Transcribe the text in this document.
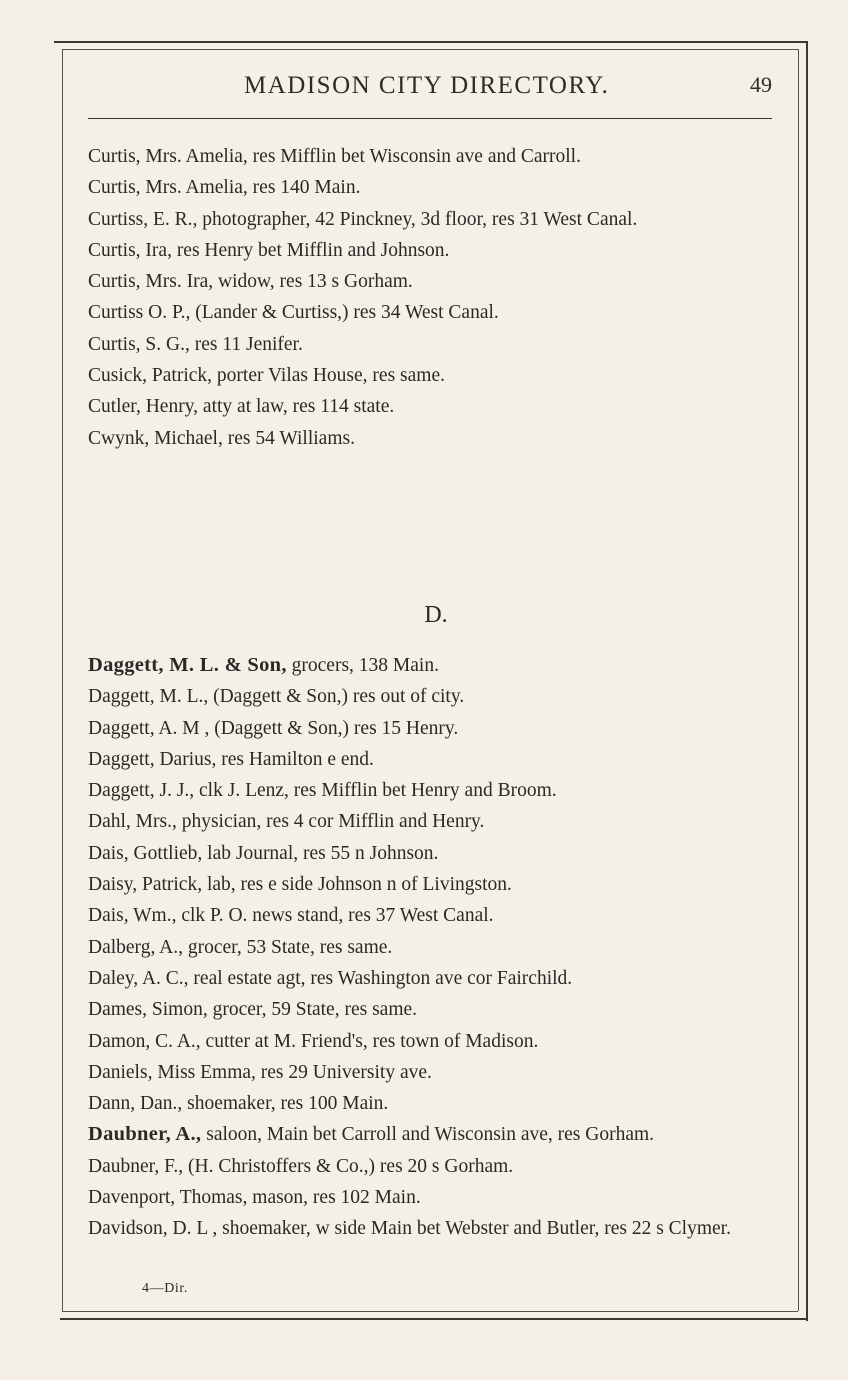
MADISON CITY DIRECTORY.	49

Curtis, Mrs. Amelia, res Mifflin bet Wisconsin ave and Carroll.

Curtis, Mrs. Amelia, res 140 Main.

Curtiss, E. R., photographer, 42 Pinckney, 3d floor, res 31 West Canal.

Curtis, Ira, res Henry bet Mifflin and Johnson.

Curtis, Mrs. Ira, widow, res 13 s Gorham.

Curtiss O. P., (Lander & Curtiss,) res 34 West Canal.

Curtis, S. G., res 11 Jenifer.

Cusick, Patrick, porter Vilas House, res same.

Cutler, Henry, atty at law, res 114 state.

Cwynk, Michael, res 54 Williams.

D.

Daggett, M. L. & Son, grocers, 138 Main.

Daggett, M. L., (Daggett & Son,) res out of city.

Daggett, A. M , (Daggett & Son,) res 15 Henry.

Daggett, Darius, res Hamilton e end.

Daggett, J. J., clk J. Lenz, res Mifflin bet Henry and Broom.

Dahl, Mrs., physician, res 4 cor Mifflin and Henry.

Dais, Gottlieb, lab Journal, res 55 n Johnson.

Daisy, Patrick, lab, res e side Johnson n of Livingston.

Dais, Wm., clk P. O. news stand, res 37 West Canal.

Dalberg, A., grocer, 53 State, res same.

Daley, A. C., real estate agt, res Washington ave cor Fairchild.

Dames, Simon, grocer, 59 State, res same.

Damon, C. A., cutter at M. Friend's, res town of Madison.

Daniels, Miss Emma, res 29 University ave.

Dann, Dan., shoemaker, res 100 Main.

Daubner, A., saloon, Main bet Carroll and Wisconsin ave, res Gorham.

Daubner, F., (H. Christoffers & Co.,) res 20 s Gorham.

Davenport, Thomas, mason, res 102 Main.

Davidson, D. L , shoemaker, w side Main bet Webster and Butler, res 22 s Clymer.

4—Dir.
